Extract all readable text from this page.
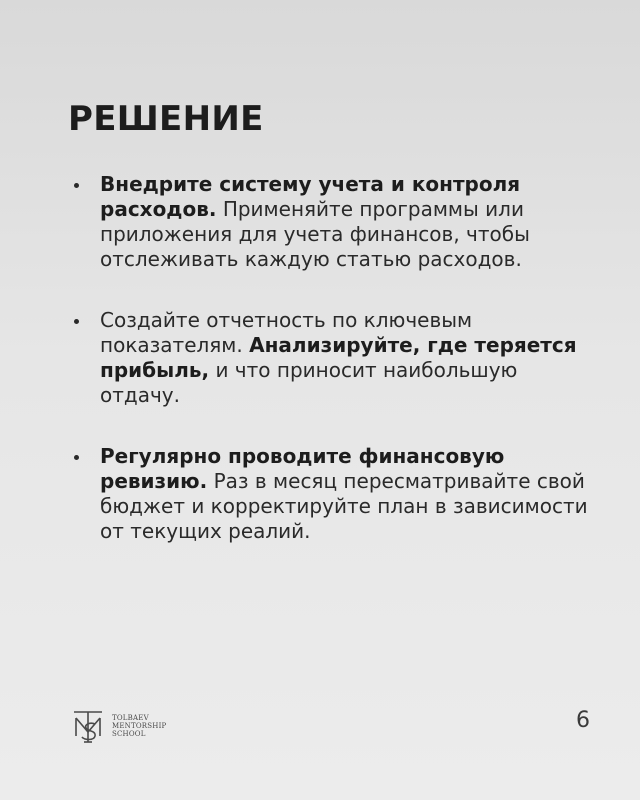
РЕШЕНИЕ
Внедрите систему учета и контроля расходов. Применяйте программы или приложения для учета финансов, чтобы отслеживать каждую статью расходов.
Создайте отчетность по ключевым показателям. Анализируйте, где теряется прибыль, и что приносит наибольшую отдачу.
Регулярно проводите финансовую ревизию. Раз в месяц пересматривайте свой бюджет и корректируйте план в зависимости от текущих реалий.
TOLBAEV
MENTORSHIP
SCHOOL
6
